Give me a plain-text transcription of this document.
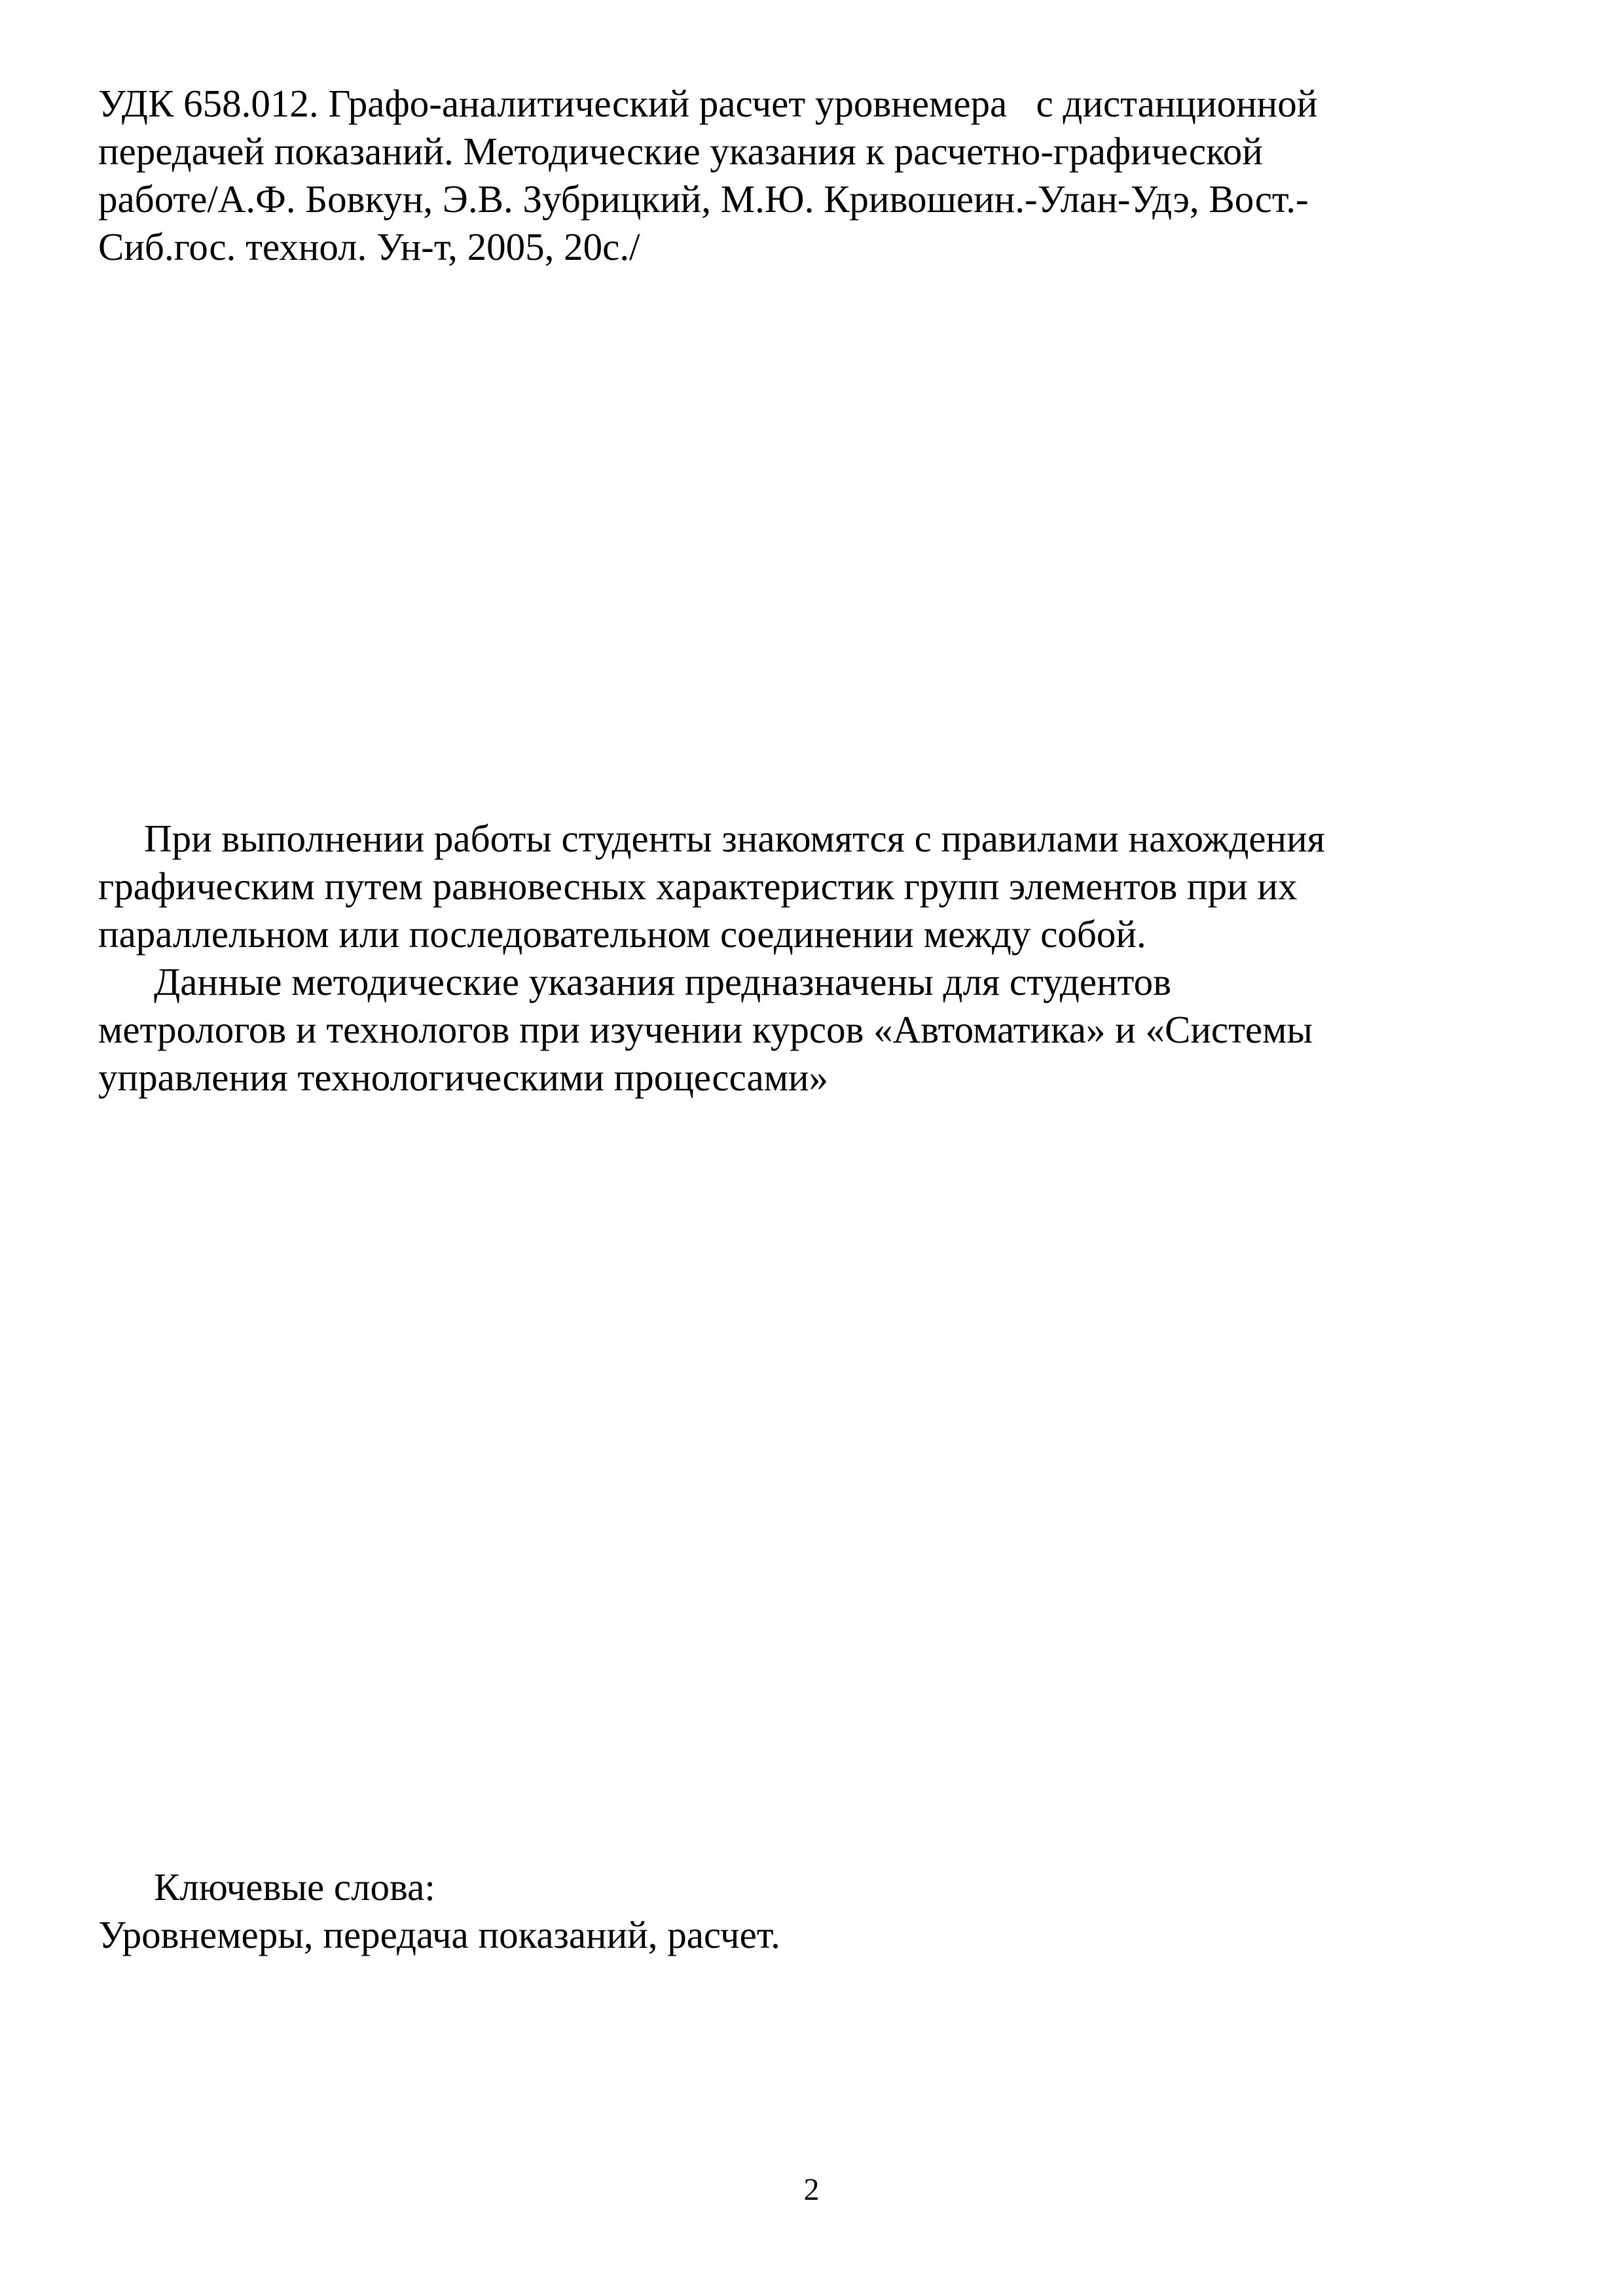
УДК 658.012. Графо-аналитический расчет уровнемера   с дистанционной
передачей показаний. Методические указания к расчетно-графической
работе/А.Ф. Бовкун, Э.В. Зубрицкий, М.Ю. Кривошеин.-Улан-Удэ, Вост.-
Сиб.гос. технол. Ун-т, 2005, 20с./
При выполнении работы студенты знакомятся с правилами нахождения
графическим путем равновесных характеристик групп элементов при их
параллельном или последовательном соединении между собой.
Данные методические указания предназначены для студентов
метрологов и технологов при изучении курсов «Автоматика» и «Системы
управления технологическими процессами»
Ключевые слова:
Уровнемеры, передача показаний, расчет.
2
